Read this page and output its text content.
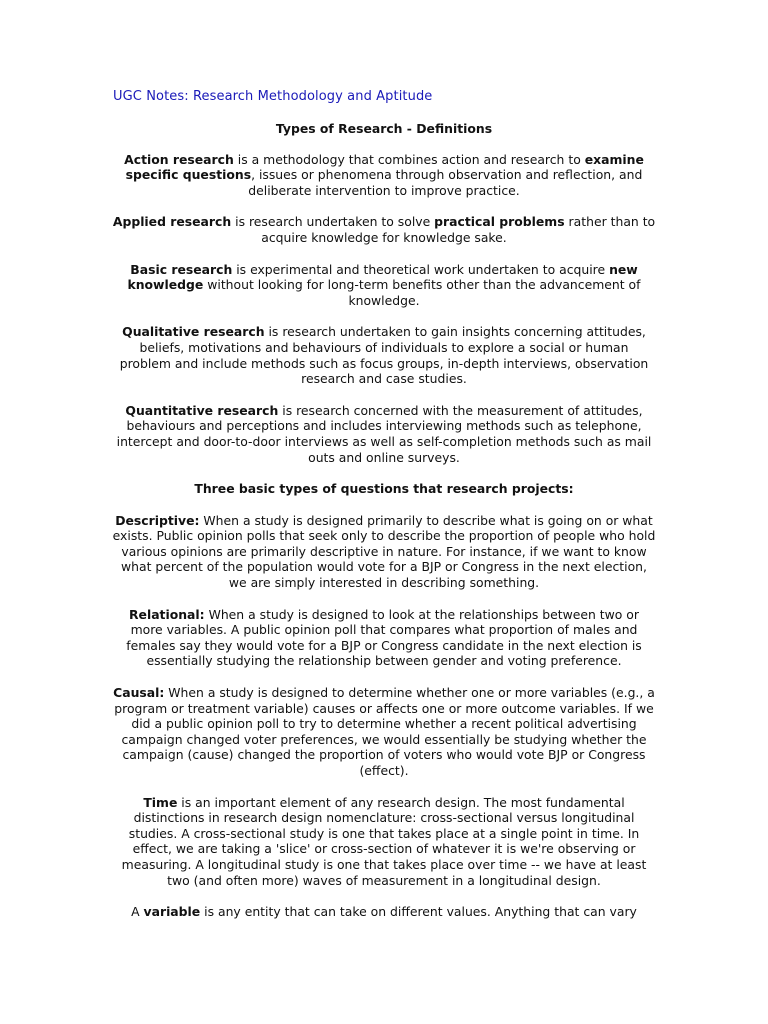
UGC Notes: Research Methodology and Aptitude

Types of Research - Definitions

Action research is a methodology that combines action and research to examine specific questions, issues or phenomena through observation and reflection, and deliberate intervention to improve practice.

Applied research is research undertaken to solve practical problems rather than to acquire knowledge for knowledge sake.

Basic research is experimental and theoretical work undertaken to acquire new knowledge without looking for long-term benefits other than the advancement of knowledge.

Qualitative research is research undertaken to gain insights concerning attitudes, beliefs, motivations and behaviours of individuals to explore a social or human problem and include methods such as focus groups, in-depth interviews, observation research and case studies.

Quantitative research is research concerned with the measurement of attitudes, behaviours and perceptions and includes interviewing methods such as telephone, intercept and door-to-door interviews as well as self-completion methods such as mail outs and online surveys.

Three basic types of questions that research projects:

Descriptive: When a study is designed primarily to describe what is going on or what exists. Public opinion polls that seek only to describe the proportion of people who hold various opinions are primarily descriptive in nature. For instance, if we want to know what percent of the population would vote for a BJP or Congress in the next election, we are simply interested in describing something.

Relational: When a study is designed to look at the relationships between two or more variables. A public opinion poll that compares what proportion of males and females say they would vote for a BJP or Congress candidate in the next election is essentially studying the relationship between gender and voting preference.

Causal: When a study is designed to determine whether one or more variables (e.g., a program or treatment variable) causes or affects one or more outcome variables. If we did a public opinion poll to try to determine whether a recent political advertising campaign changed voter preferences, we would essentially be studying whether the campaign (cause) changed the proportion of voters who would vote BJP or Congress (effect).

Time is an important element of any research design. The most fundamental distinctions in research design nomenclature: cross-sectional versus longitudinal studies. A cross-sectional study is one that takes place at a single point in time. In effect, we are taking a 'slice' or cross-section of whatever it is we're observing or measuring. A longitudinal study is one that takes place over time -- we have at least two (and often more) waves of measurement in a longitudinal design.

A variable is any entity that can take on different values. Anything that can vary
